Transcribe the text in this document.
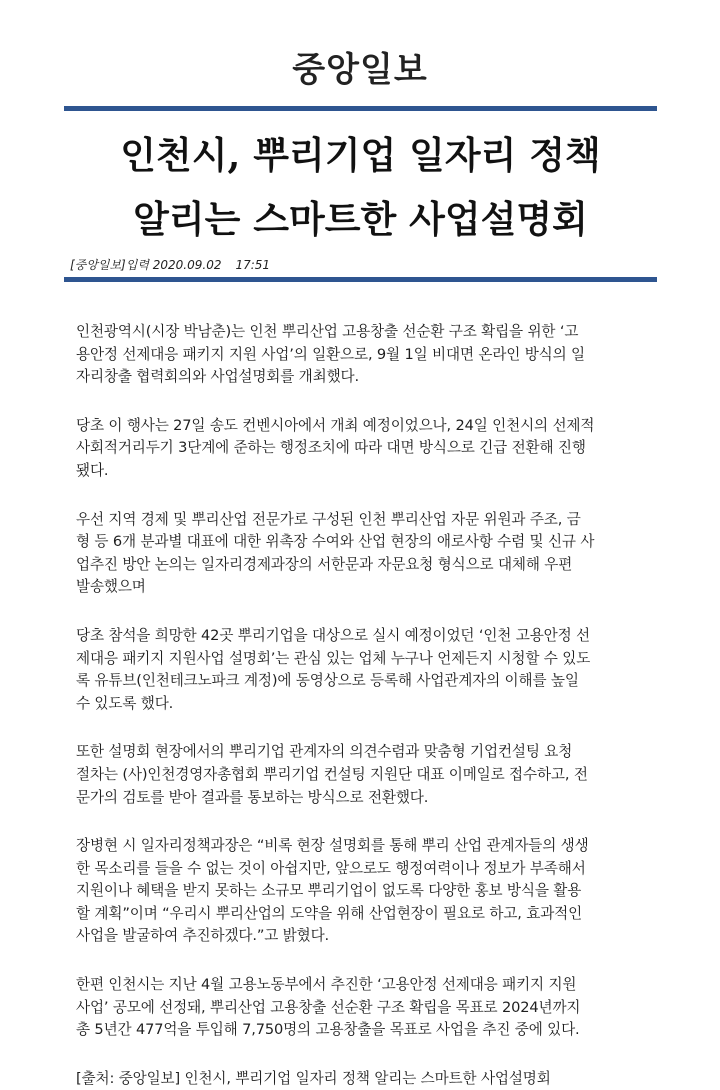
중앙일보
인천시, 뿌리기업 일자리 정책
알리는 스마트한 사업설명회
[중앙일보]입력 2020.09.02 17:51

인천광역시(시장 박남춘)는 인천 뿌리산업 고용창출 선순환 구조 확립을 위한 ‘고
용안정 선제대응 패키지 지원 사업’의 일환으로, 9월 1일 비대면 온라인 방식의 일
자리창출 협력회의와 사업설명회를 개최했다.

당초 이 행사는 27일 송도 컨벤시아에서 개최 예정이었으나, 24일 인천시의 선제적
사회적거리두기 3단계에 준하는 행정조치에 따라 대면 방식으로 긴급 전환해 진행
됐다.

우선 지역 경제 및 뿌리산업 전문가로 구성된 인천 뿌리산업 자문 위원과 주조, 금
형 등 6개 분과별 대표에 대한 위촉장 수여와 산업 현장의 애로사항 수렴 및 신규 사
업추진 방안 논의는 일자리경제과장의 서한문과 자문요청 형식으로 대체해 우편
발송했으며

당초 참석을 희망한 42곳 뿌리기업을 대상으로 실시 예정이었던 ‘인천 고용안정 선
제대응 패키지 지원사업 설명회’는 관심 있는 업체 누구나 언제든지 시청할 수 있도
록 유튜브(인천테크노파크 계정)에 동영상으로 등록해 사업관계자의 이해를 높일
수 있도록 했다.

또한 설명회 현장에서의 뿌리기업 관계자의 의견수렴과 맞춤형 기업컨설팅 요청
절차는 (사)인천경영자총협회 뿌리기업 컨설팅 지원단 대표 이메일로 접수하고, 전
문가의 검토를 받아 결과를 통보하는 방식으로 전환했다.

장병현 시 일자리정책과장은 “비록 현장 설명회를 통해 뿌리 산업 관계자들의 생생
한 목소리를 들을 수 없는 것이 아쉽지만, 앞으로도 행정여력이나 정보가 부족해서
지원이나 혜택을 받지 못하는 소규모 뿌리기업이 없도록 다양한 홍보 방식을 활용
할 계획”이며 “우리시 뿌리산업의 도약을 위해 산업현장이 필요로 하고, 효과적인
사업을 발굴하여 추진하겠다.”고 밝혔다.

한편 인천시는 지난 4월 고용노동부에서 추진한 ‘고용안정 선제대응 패키지 지원
사업’ 공모에 선정돼, 뿌리산업 고용창출 선순환 구조 확립을 목표로 2024년까지
총 5년간 477억을 투입해 7,750명의 고용창출을 목표로 사업을 추진 중에 있다.

[출처: 중앙일보] 인천시, 뿌리기업 일자리 정책 알리는 스마트한 사업설명회
